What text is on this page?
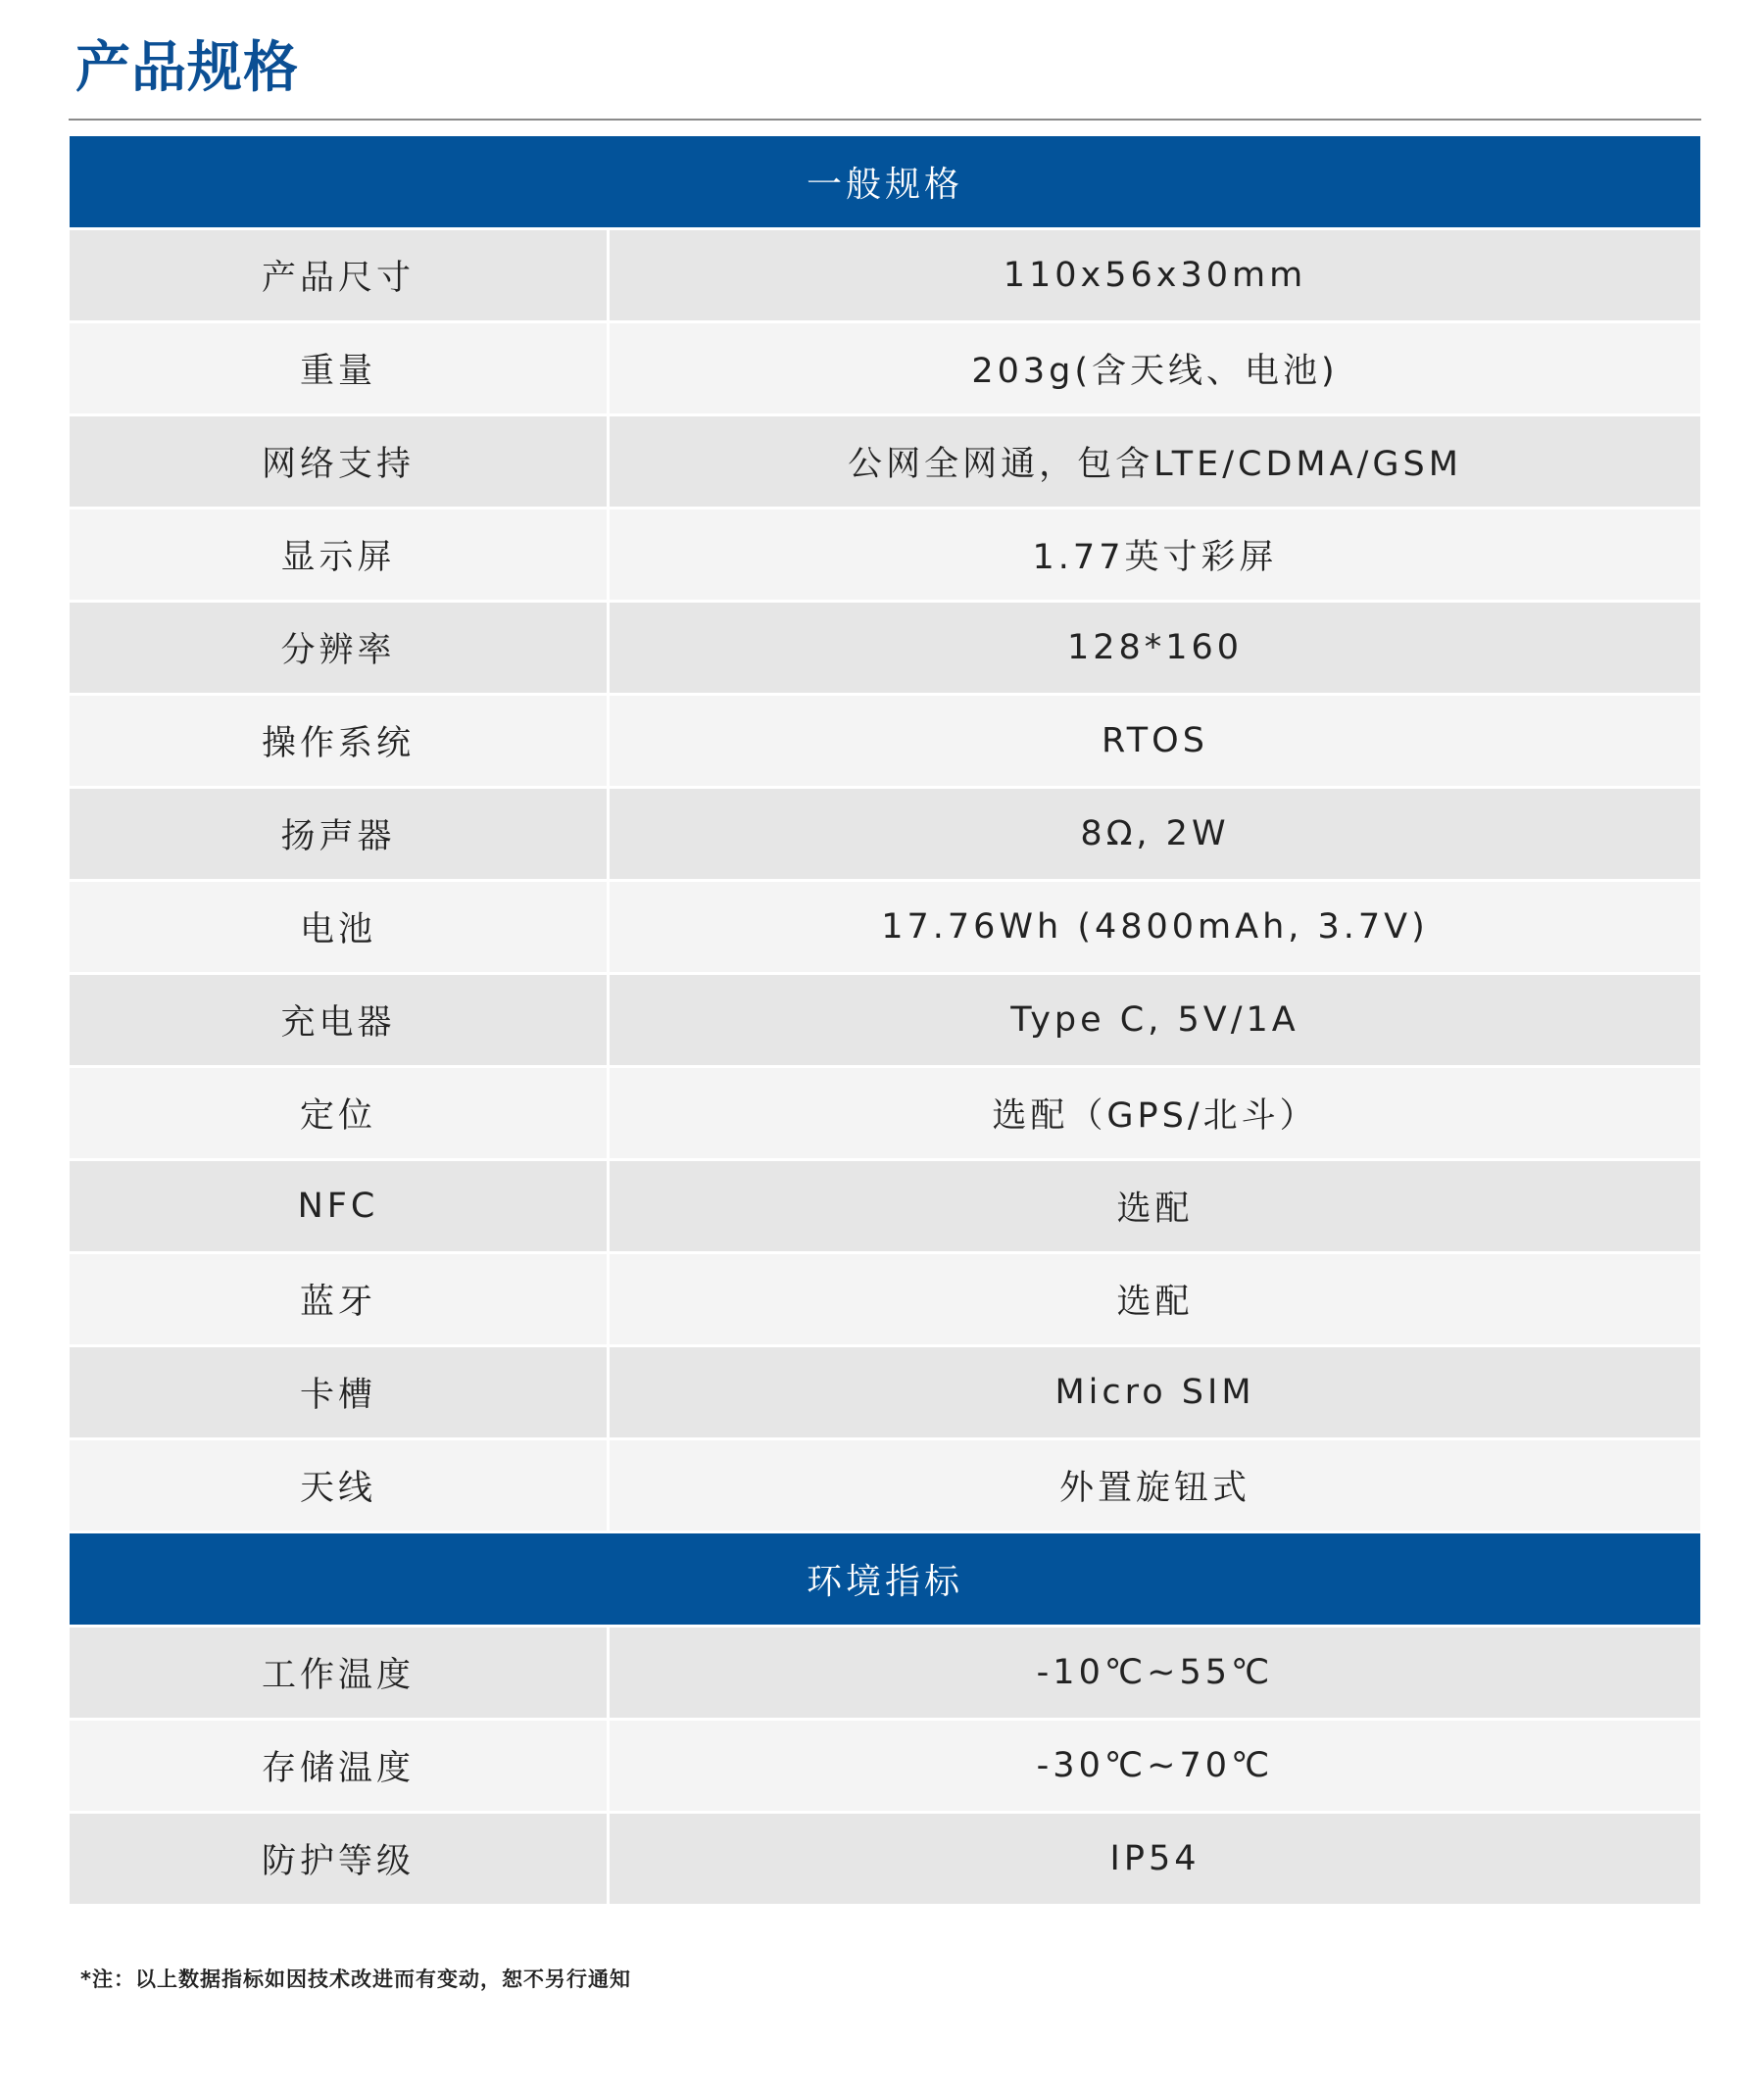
产品规格
一般规格
产品尺寸	110x56x30mm
重量	203g(含天线、电池)
网络支持	公网全网通，包含LTE/CDMA/GSM
显示屏	1.77英寸彩屏
分辨率	128*160
操作系统	RTOS
扬声器	8Ω, 2W
电池	17.76Wh (4800mAh, 3.7V)
充电器	Type C, 5V/1A
定位	选配（GPS/北斗）
NFC	选配
蓝牙	选配
卡槽	Micro SIM
天线	外置旋钮式
环境指标
工作温度	-10℃~55℃
存储温度	-30℃~70℃
防护等级	IP54

*注：以上数据指标如因技术改进而有变动，恕不另行通知
